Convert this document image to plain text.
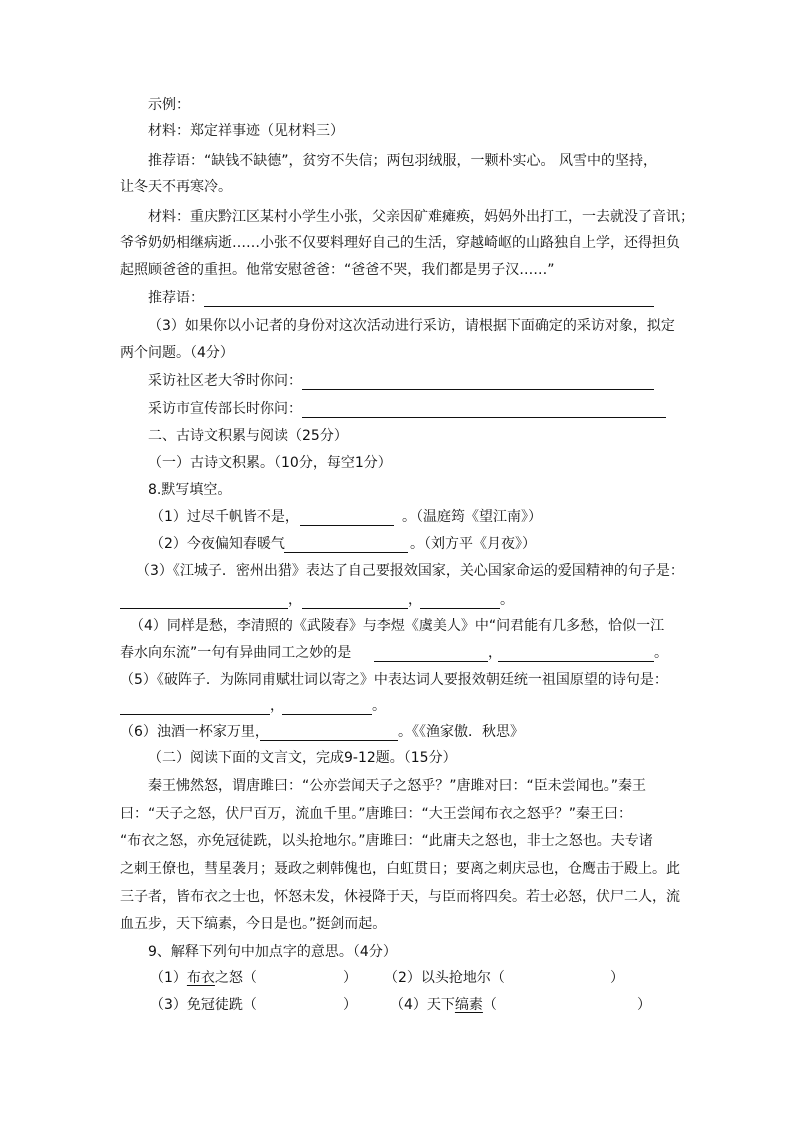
示例：
材料：郑定祥事迹（见材料三）
推荐语：“缺钱不缺德”，贫穷不失信；两包羽绒服，一颗朴实心。 风雪中的坚持，
让冬天不再寒冷。
材料：重庆黔江区某村小学生小张，父亲因矿难瘫痪，妈妈外出打工，一去就没了音讯；
爷爷奶奶相继病逝……小张不仅要料理好自己的生活，穿越崎岖的山路独自上学，还得担负
起照顾爸爸的重担。他常安慰爸爸：“爸爸不哭，我们都是男子汉……”
推荐语：
（3）如果你以小记者的身份对这次活动进行采访，请根据下面确定的采访对象，拟定
两个问题。（4分）
采访社区老大爷时你问：
采访市宣传部长时你问：
二、古诗文积累与阅读（25分）
（一）古诗文积累。（10分，每空1分）
8.默写填空。
（1）过尽千帆皆不是，	。（温庭筠《望江南》）
（2）今夜偏知春暖气	。（刘方平《月夜》）
（3）《江城子．密州出猎》表达了自己要报效国家，关心国家命运的爱国精神的句子是：
，	，	。
（4）同样是愁，李清照的《武陵春》与李煜《虞美人》中“问君能有几多愁，恰似一江
春水向东流”一句有异曲同工之妙的是	，	。
（5）《破阵子．为陈同甫赋壮词以寄之》中表达词人要报效朝廷统一祖国原望的诗句是：
，	。
（6）浊酒一杯家万里，	。《《渔家傲．秋思》
（二）阅读下面的文言文，完成9-12题。（15分）
秦王怫然怒，谓唐雎曰：“公亦尝闻天子之怒乎？”唐雎对曰：“臣未尝闻也。”秦王
曰：“天子之怒，伏尸百万，流血千里。”唐雎曰：“大王尝闻布衣之怒乎？”秦王曰：
“布衣之怒，亦免冠徒跣，以头抢地尔。”唐雎曰：“此庸夫之怒也，非士之怒也。夫专诸
之刺王僚也，彗星袭月；聂政之刺韩傀也，白虹贯日；要离之刺庆忌也，仓鹰击于殿上。此
三子者，皆布衣之士也，怀怒未发，休祲降于天，与臣而将四矣。若士必怒，伏尸二人，流
血五步，天下缟素，今日是也。”挺剑而起。
9、解释下列句中加点字的意思。（4分）
（1）布衣之怒（	） （2）以头抢地尔（	）
（3）免冠徒跣（	） （4）天下缟素（	）
